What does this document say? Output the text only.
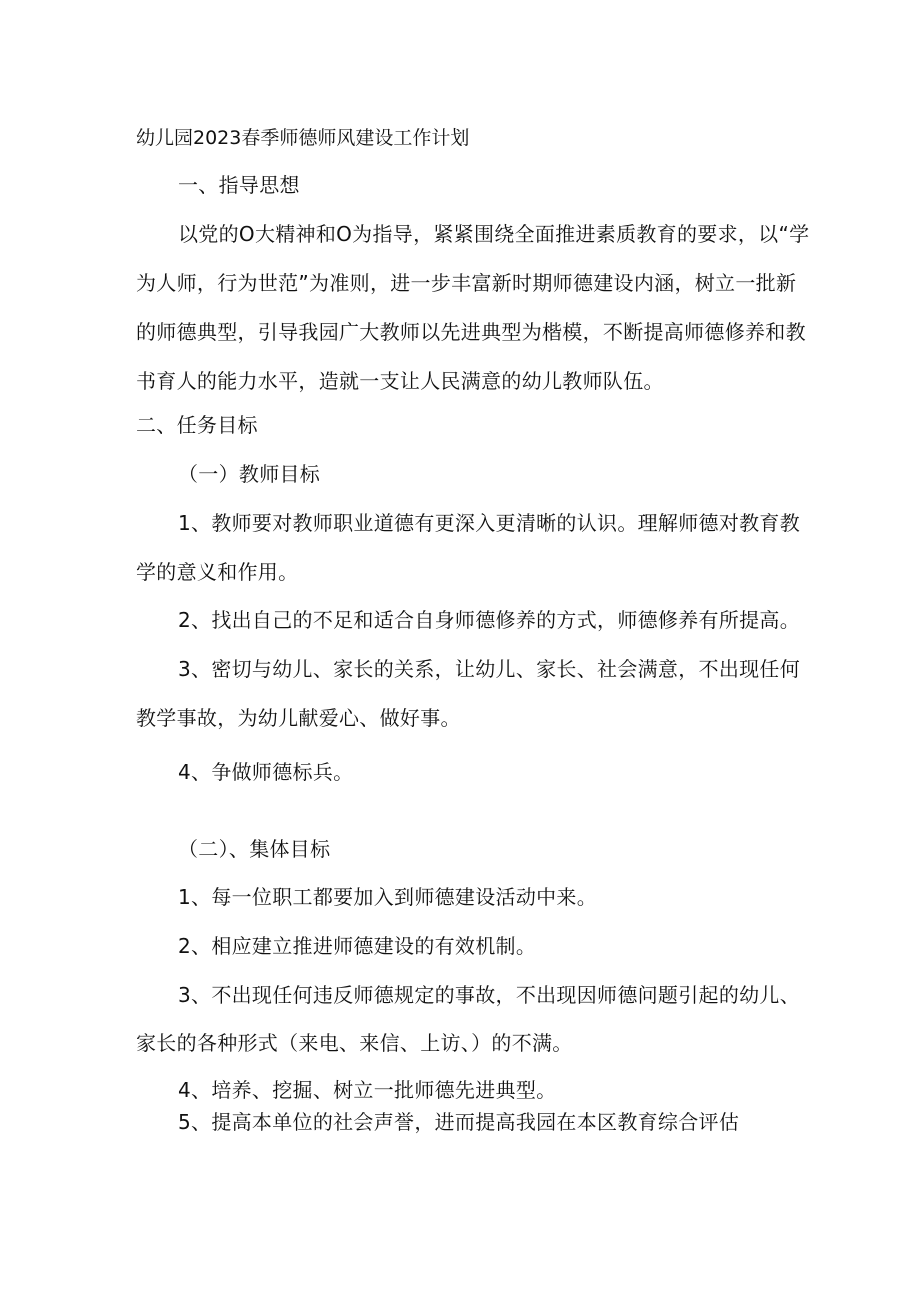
幼儿园2023春季师德师风建设工作计划
一、指导思想
以党的O大精神和O为指导，紧紧围绕全面推进素质教育的要求，以“学
为人师，行为世范”为准则，进一步丰富新时期师德建设内涵，树立一批新
的师德典型，引导我园广大教师以先进典型为楷模，不断提高师德修养和教
书育人的能力水平，造就一支让人民满意的幼儿教师队伍。
二、任务目标
（一）教师目标
1、教师要对教师职业道德有更深入更清晰的认识。理解师德对教育教
学的意义和作用。
2、找出自己的不足和适合自身师德修养的方式，师德修养有所提高。
3、密切与幼儿、家长的关系，让幼儿、家长、社会满意，不出现任何
教学事故，为幼儿献爱心、做好事。
4、争做师德标兵。
（二）、集体目标
1、每一位职工都要加入到师德建设活动中来。
2、相应建立推进师德建设的有效机制。
3、不出现任何违反师德规定的事故，不出现因师德问题引起的幼儿、
家长的各种形式（来电、来信、上访、）的不满。
4、培养、挖掘、树立一批师德先进典型。
5、提高本单位的社会声誉，进而提高我园在本区教育综合评估
